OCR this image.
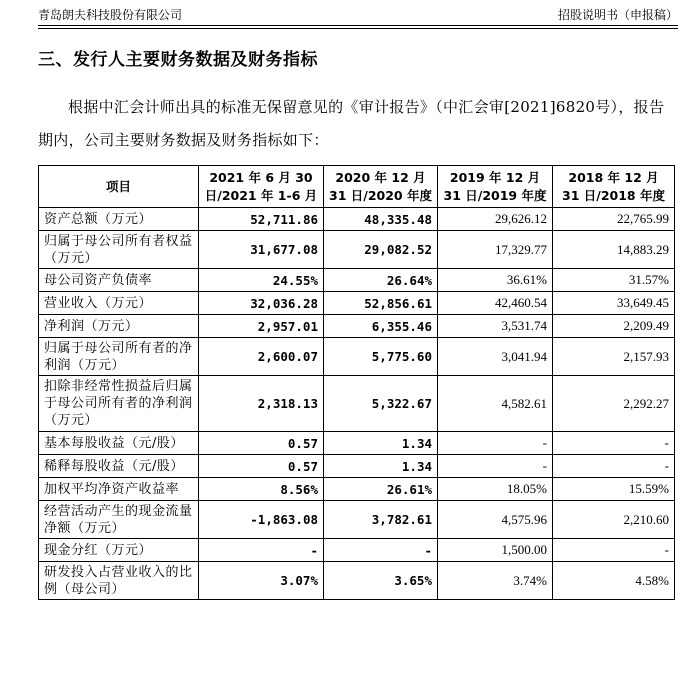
青岛朗夫科技股份有限公司	招股说明书（申报稿）
三、发行人主要财务数据及财务指标

根据中汇会计师出具的标准无保留意见的《审计报告》（中汇会审[2021]6820号），报告期内，公司主要财务数据及财务指标如下：

项目	2021 年 6 月 30 日/2021 年 1-6 月	2020 年 12 月 31 日/2020 年度	2019 年 12 月 31 日/2019 年度	2018 年 12 月 31 日/2018 年度
资产总额（万元）	52,711.86	48,335.48	29,626.12	22,765.99
归属于母公司所有者权益（万元）	31,677.08	29,082.52	17,329.77	14,883.29
母公司资产负债率	24.55%	26.64%	36.61%	31.57%
营业收入（万元）	32,036.28	52,856.61	42,460.54	33,649.45
净利润（万元）	2,957.01	6,355.46	3,531.74	2,209.49
归属于母公司所有者的净利润（万元）	2,600.07	5,775.60	3,041.94	2,157.93
扣除非经常性损益后归属于母公司所有者的净利润（万元）	2,318.13	5,322.67	4,582.61	2,292.27
基本每股收益（元/股）	0.57	1.34	-	-
稀释每股收益（元/股）	0.57	1.34	-	-
加权平均净资产收益率	8.56%	26.61%	18.05%	15.59%
经营活动产生的现金流量净额（万元）	-1,863.08	3,782.61	4,575.96	2,210.60
现金分红（万元）	-	-	1,500.00	-
研发投入占营业收入的比例（母公司）	3.07%	3.65%	3.74%	4.58%
